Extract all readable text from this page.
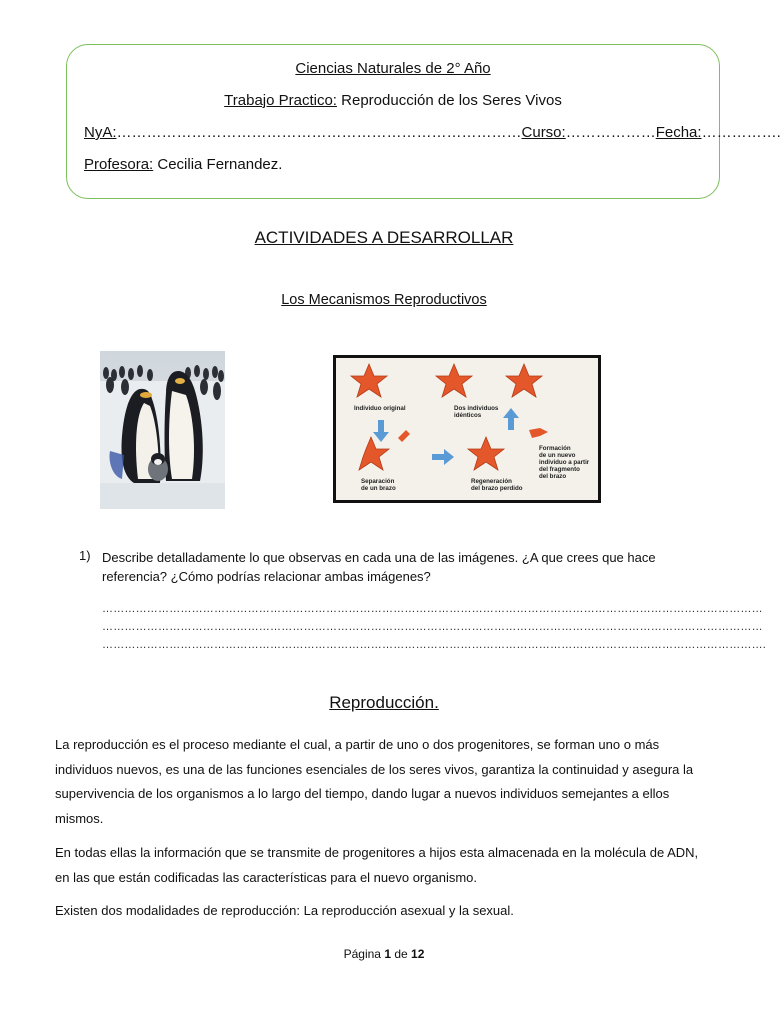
Ciencias Naturales de 2° Año
Trabajo Practico: Reproducción de los Seres Vivos
NyA:………………………………………………………………………Curso:………………Fecha:…………….
Profesora: Cecilia Fernandez.
ACTIVIDADES A DESARROLLAR
Los Mecanismos Reproductivos
Individuo original	Dos individuos
idénticos
Separación
de un brazo
Regeneración
del brazo perdido
Formación
de un nuevo
individuo a partir
del fragmento
del brazo
1) Describe detalladamente lo que observas en cada una de las imágenes. ¿A que crees que hace referencia? ¿Cómo podrías relacionar ambas imágenes?
……………………………………………………………………………………………………………………………………………………………
……………………………………………………………………………………………………………………………………………………………
…………………………………………………………………………………………………………………………………………………………….
Reproducción.
La reproducción es el proceso mediante el cual, a partir de uno o dos progenitores, se forman uno o más individuos nuevos, es una de las funciones esenciales de los seres vivos, garantiza la continuidad y asegura la supervivencia de los organismos a lo largo del tiempo, dando lugar a nuevos individuos semejantes a ellos mismos.
En todas ellas la información que se transmite de progenitores a hijos esta almacenada en la molécula de ADN, en las que están codificadas las características para el nuevo organismo.
Existen dos modalidades de reproducción: La reproducción asexual y la sexual.
Página 1 de 12
